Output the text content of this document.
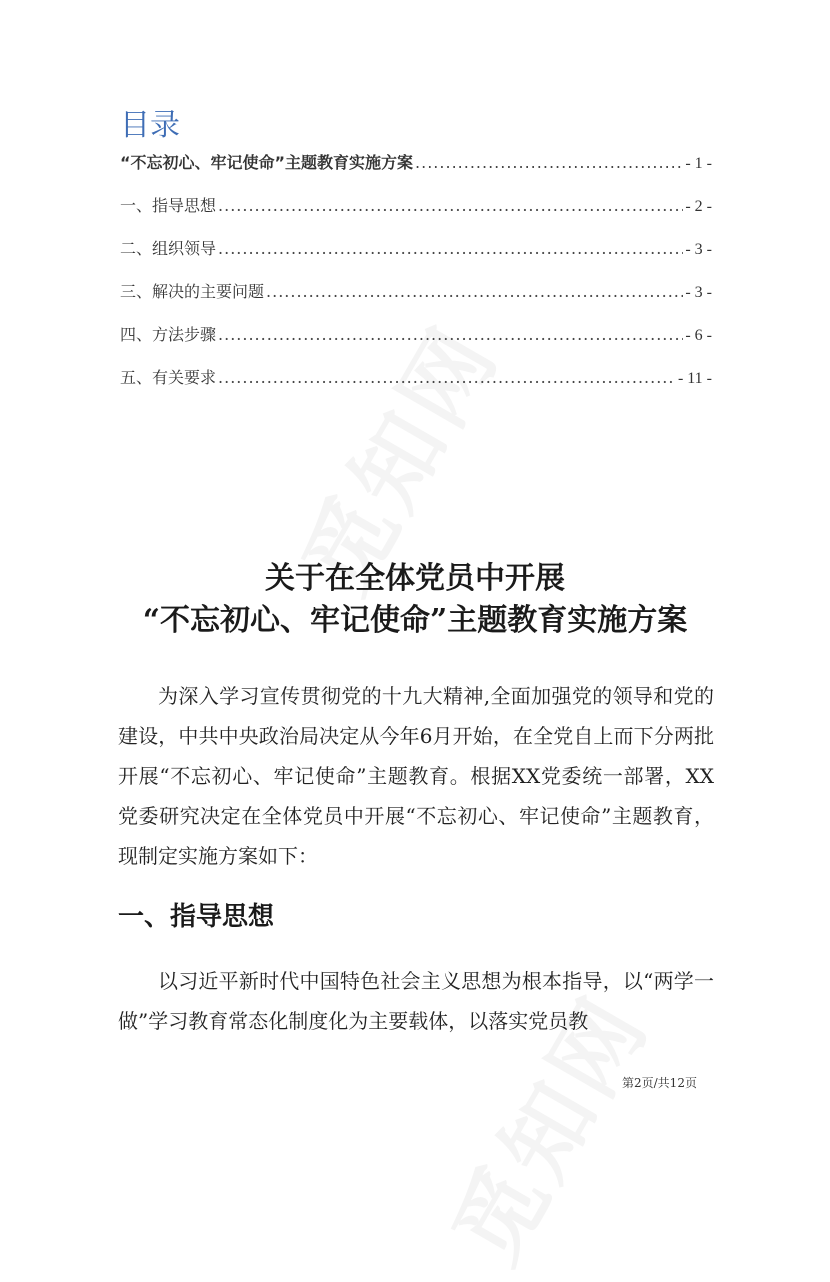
目录
“不忘初心、牢记使命”主题教育实施方案 .....	- 1 -
一、指导思想 .....	- 2 -
二、组织领导 .....	- 3 -
三、解决的主要问题 .....	- 3 -
四、方法步骤 .....	- 6 -
五、有关要求 .....	- 11 -
关于在全体党员中开展
“不忘初心、牢记使命”主题教育实施方案

为深入学习宣传贯彻党的十九大精神,全面加强党的领导和党的建设，中共中央政治局决定从今年6月开始，在全党自上而下分两批开展“不忘初心、牢记使命”主题教育。根据XX党委统一部署，XX党委研究决定在全体党员中开展“不忘初心、牢记使命”主题教育，现制定实施方案如下：

一、指导思想

以习近平新时代中国特色社会主义思想为根本指导，以“两学一做”学习教育常态化制度化为主要载体，以落实党员教

第2页/共12页
